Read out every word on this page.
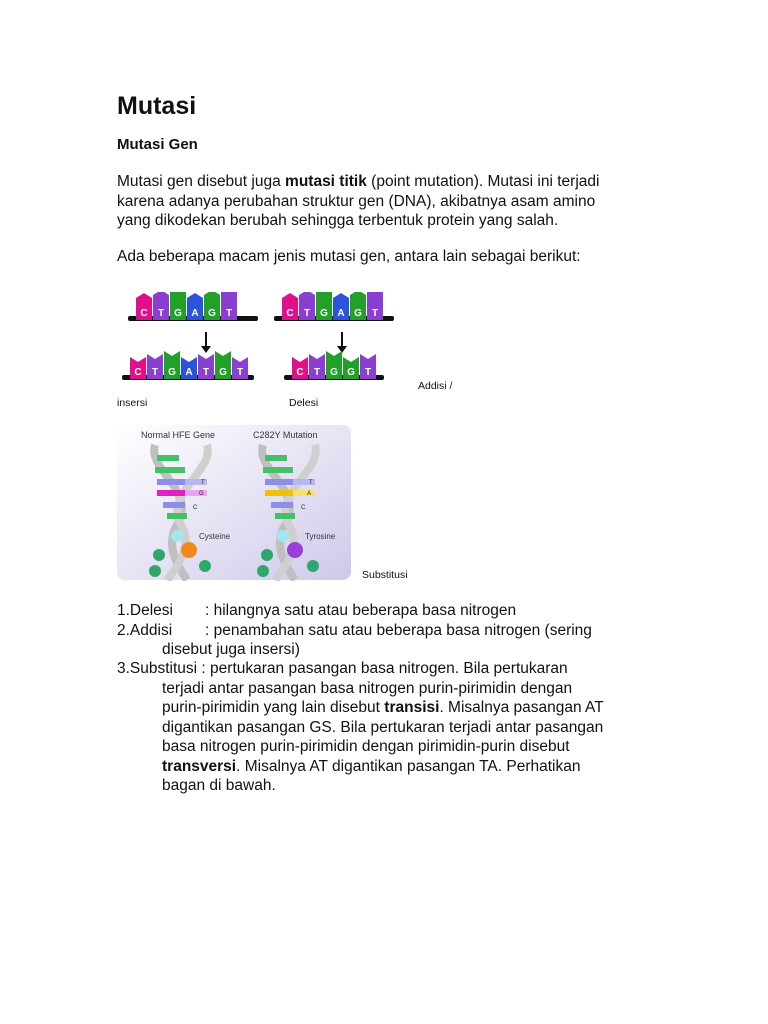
Mutasi
Mutasi Gen
Mutasi gen disebut juga mutasi titik (point mutation). Mutasi ini terjadi
karena adanya perubahan struktur gen (DNA), akibatnya asam amino
yang dikodekan berubah sehingga terbentuk protein yang salah.
Ada beberapa macam jenis mutasi gen, antara lain sebagai berikut:
C T G A G T
C T G A T G T
C T G A G T
C T G G T
Addisi /
insersi	Delesi
Normal HFE Gene	C282Y Mutation
T
G
C
Cysteine
T
A
C
Tyrosine
Substitusi
1.Delesi : hilangnya satu atau beberapa basa nitrogen
2.Addisi : penambahan satu atau beberapa basa nitrogen (sering
disebut juga insersi)
3.Substitusi : pertukaran pasangan basa nitrogen. Bila pertukaran
terjadi antar pasangan basa nitrogen purin-pirimidin dengan
purin-pirimidin yang lain disebut transisi. Misalnya pasangan AT
digantikan pasangan GS. Bila pertukaran terjadi antar pasangan
basa nitrogen purin-pirimidin dengan pirimidin-purin disebut
transversi. Misalnya AT digantikan pasangan TA. Perhatikan
bagan di bawah.
